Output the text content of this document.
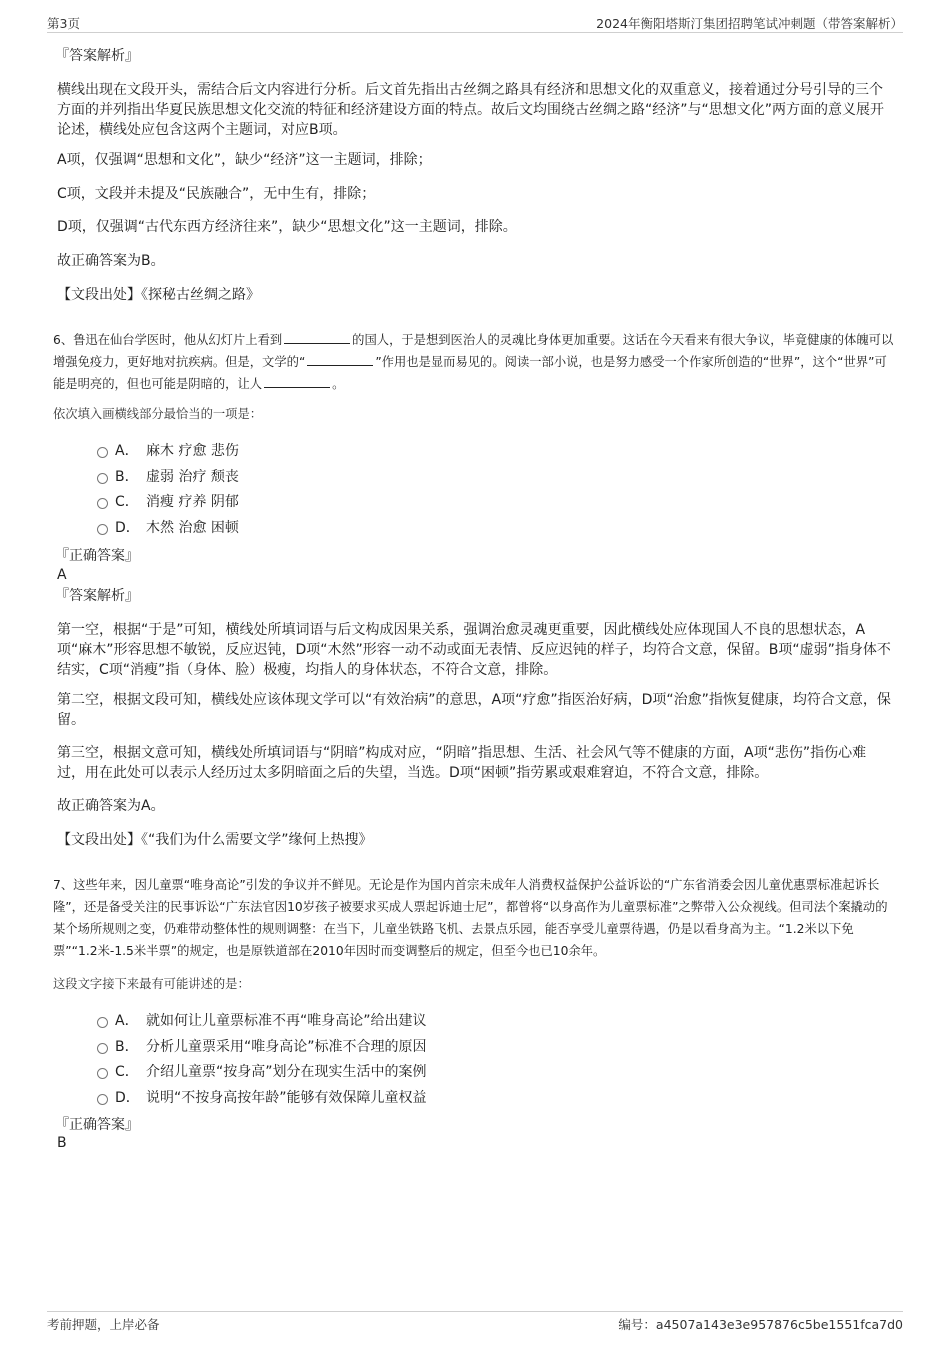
第3页	2024年衡阳塔斯汀集团招聘笔试冲刺题（带答案解析）
『答案解析』
横线出现在文段开头，需结合后文内容进行分析。后文首先指出古丝绸之路具有经济和思想文化的双重意义，接着通过分号引导的三个方面的并列指出华夏民族思想文化交流的特征和经济建设方面的特点。故后文均围绕古丝绸之路“经济”与“思想文化”两方面的意义展开论述，横线处应包含这两个主题词，对应B项。
A项，仅强调“思想和文化”，缺少“经济”这一主题词，排除；
C项，文段并未提及“民族融合”，无中生有，排除；
D项，仅强调“古代东西方经济往来”，缺少“思想文化”这一主题词，排除。
故正确答案为B。
【文段出处】《探秘古丝绸之路》
6、鲁迅在仙台学医时，他从幻灯片上看到	的国人，于是想到医治人的灵魂比身体更加重要。这话在今天看来有很大争议，毕竟健康的体魄可以增强免疫力，更好地对抗疾病。但是，文学的“	”作用也是显而易见的。阅读一部小说，也是努力感受一个作家所创造的“世界”，这个“世界”可能是明亮的，但也可能是阴暗的，让人	。
依次填入画横线部分最恰当的一项是：
A． 麻木 疗愈 悲伤
B． 虚弱 治疗 颓丧
C． 消瘦 疗养 阴郁
D． 木然 治愈 困顿
『正确答案』
A
『答案解析』
第一空，根据“于是”可知，横线处所填词语与后文构成因果关系，强调治愈灵魂更重要，因此横线处应体现国人不良的思想状态，A项“麻木”形容思想不敏锐，反应迟钝，D项“木然”形容一动不动或面无表情、反应迟钝的样子，均符合文意，保留。B项“虚弱”指身体不结实，C项“消瘦”指（身体、脸）极瘦，均指人的身体状态，不符合文意，排除。
第二空，根据文段可知，横线处应该体现文学可以“有效治病”的意思，A项“疗愈”指医治好病，D项“治愈”指恢复健康，均符合文意，保留。
第三空，根据文意可知，横线处所填词语与“阴暗”构成对应，“阴暗”指思想、生活、社会风气等不健康的方面，A项“悲伤”指伤心难过，用在此处可以表示人经历过太多阴暗面之后的失望，当选。D项“困顿”指劳累或艰难窘迫，不符合文意，排除。
故正确答案为A。
【文段出处】《“我们为什么需要文学”缘何上热搜》
7、这些年来，因儿童票“唯身高论”引发的争议并不鲜见。无论是作为国内首宗未成年人消费权益保护公益诉讼的“广东省消委会因儿童优惠票标准起诉长隆”，还是备受关注的民事诉讼“广东法官因10岁孩子被要求买成人票起诉迪士尼”，都曾将“以身高作为儿童票标准”之弊带入公众视线。但司法个案撬动的某个场所规则之变，仍难带动整体性的规则调整：在当下，儿童坐铁路飞机、去景点乐园，能否享受儿童票待遇，仍是以看身高为主。“1.2米以下免票”“1.2米-1.5米半票”的规定，也是原铁道部在2010年因时而变调整后的规定，但至今也已10余年。
这段文字接下来最有可能讲述的是：
A． 就如何让儿童票标准不再“唯身高论”给出建议
B． 分析儿童票采用“唯身高论”标准不合理的原因
C． 介绍儿童票“按身高”划分在现实生活中的案例
D． 说明“不按身高按年龄”能够有效保障儿童权益
『正确答案』
B
考前押题，上岸必备	编号：a4507a143e3e957876c5be1551fca7d0
